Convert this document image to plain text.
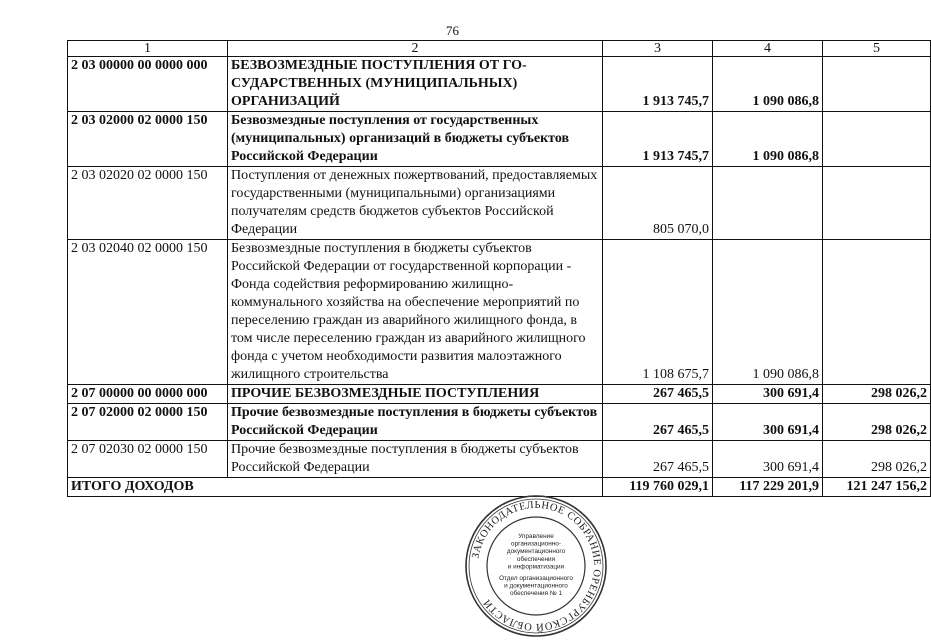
76
1	2	3	4	5
2 03 00000 00 0000 000	БЕЗВОЗМЕЗДНЫЕ ПОСТУПЛЕНИЯ ОТ ГО-СУДАРСТВЕННЫХ (МУНИЦИПАЛЬНЫХ) ОРГАНИЗАЦИЙ	1 913 745,7	1 090 086,8	
2 03 02000 02 0000 150	Безвозмездные поступления от государственных (муниципальных) организаций в бюджеты субъектов Российской Федерации	1 913 745,7	1 090 086,8	
2 03 02020 02 0000 150	Поступления от денежных пожертвований, предоставляемых государственными (муниципальными) организациями получателям средств бюджетов субъектов Российской Федерации	805 070,0		
2 03 02040 02 0000 150	Безвозмездные поступления в бюджеты субъектов Российской Федерации от государственной корпорации - Фонда содействия реформированию жилищно-коммунального хозяйства на обеспечение мероприятий по переселению граждан из аварийного жилищного фонда, в том числе переселению граждан из аварийного жилищного фонда с учетом необходимости развития малоэтажного жилищного строительства	1 108 675,7	1 090 086,8	
2 07 00000 00 0000 000	ПРОЧИЕ БЕЗВОЗМЕЗДНЫЕ ПОСТУПЛЕНИЯ	267 465,5	300 691,4	298 026,2
2 07 02000 02 0000 150	Прочие безвозмездные поступления в бюджеты субъектов Российской Федерации	267 465,5	300 691,4	298 026,2
2 07 02030 02 0000 150	Прочие безвозмездные поступления в бюджеты субъектов Российской Федерации	267 465,5	300 691,4	298 026,2
ИТОГО ДОХОДОВ		119 760 029,1	117 229 201,9	121 247 156,2
ЗАКОНОДАТЕЛЬНОЕ СОБРАНИЕ ОРЕНБУРГСКОЙ ОБЛАСТИ
Управление
организационно-
документационного
обеспечения
и информатизации
Отдел организационного
и документационного
обеспечения № 1
